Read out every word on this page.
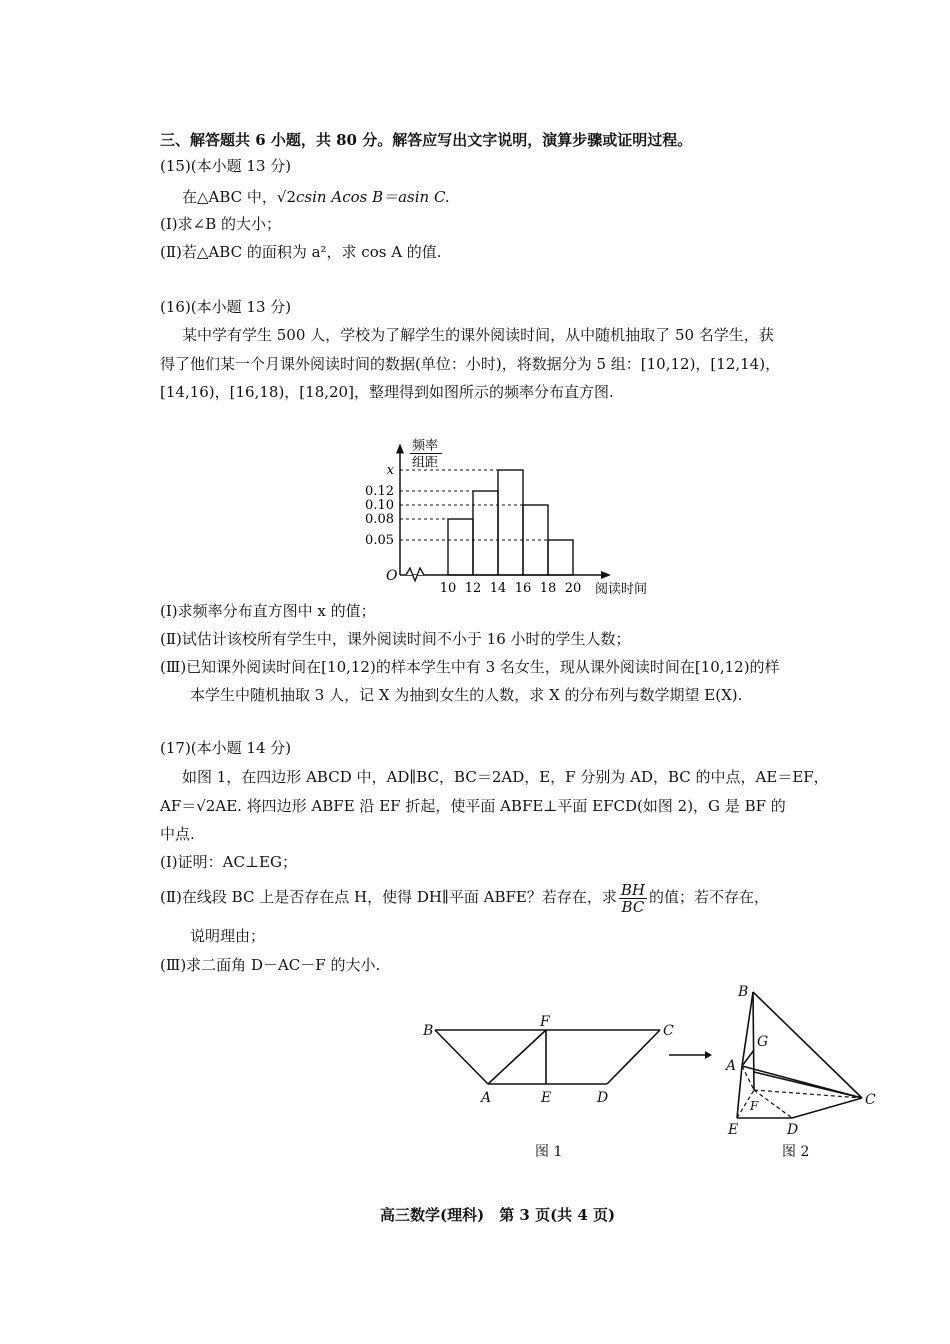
三、解答题共 6 小题，共 80 分。解答应写出文字说明，演算步骤或证明过程。
(15)(本小题 13 分)
在△ABC 中，√2csin Acos B＝asin C.
(Ⅰ)求∠B 的大小；
(Ⅱ)若△ABC 的面积为 a²，求 cos A 的值.
(16)(本小题 13 分)
某中学有学生 500 人，学校为了解学生的课外阅读时间，从中随机抽取了 50 名学生，获
得了他们某一个月课外阅读时间的数据(单位：小时)，将数据分为 5 组：[10,12)，[12,14)，
[14,16)，[16,18)，[18,20]，整理得到如图所示的频率分布直方图.
频率
组距
x
0.12
0.10
0.08
0.05
10 12 14 16 18 20 阅读时间
O
(Ⅰ)求频率分布直方图中 x 的值；
(Ⅱ)试估计该校所有学生中，课外阅读时间不小于 16 小时的学生人数；
(Ⅲ)已知课外阅读时间在[10,12)的样本学生中有 3 名女生，现从课外阅读时间在[10,12)的样
本学生中随机抽取 3 人，记 X 为抽到女生的人数，求 X 的分布列与数学期望 E(X).
(17)(本小题 14 分)
如图 1，在四边形 ABCD 中，AD∥BC，BC＝2AD，E，F 分别为 AD，BC 的中点，AE＝EF，
AF＝√2AE. 将四边形 ABFE 沿 EF 折起，使平面 ABFE⊥平面 EFCD(如图 2)，G 是 BF 的
中点.
(Ⅰ)证明：AC⊥EG；
(Ⅱ)在线段 BC 上是否存在点 H，使得 DH∥平面 ABFE？若存在，求 $\frac{BH}{BC}$ 的值；若不存在，
说明理由；
(Ⅲ)求二面角 D－AC－F 的大小.
B
F
C
A	E	D
图 1
B
G
A
F	C
E	D
图 2
高三数学(理科)　第 3 页(共 4 页)
